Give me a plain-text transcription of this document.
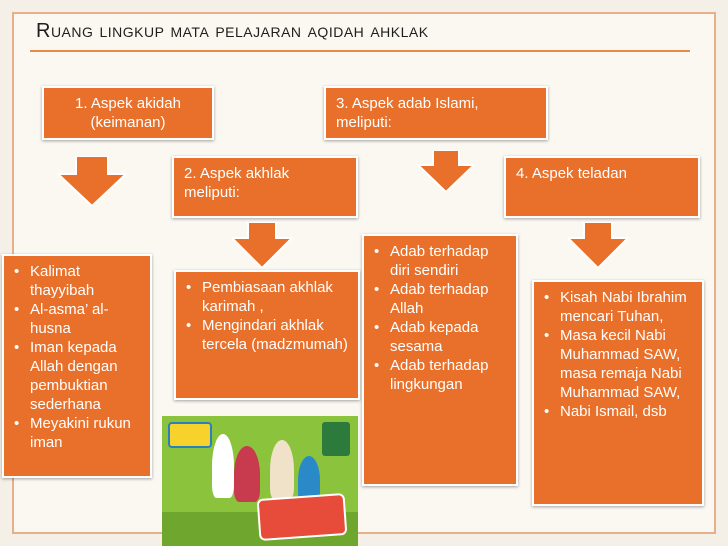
Ruang lingkup mata pelajaran aqidah ahklak
1. Aspek akidah (keimanan)
3. Aspek adab Islami, meliputi:
2. Aspek akhlak meliputi:
4. Aspek teladan
• Kalimat thayyibah
• Al-asma’ al-husna
• Iman kepada Allah dengan pembuktian sederhana
• Meyakini rukun iman
• Pembiasaan akhlak karimah ,
• Mengindari akhlak tercela (madzmumah)
• Adab terhadap diri sendiri
• Adab terhadap Allah
• Adab kepada sesama
• Adab terhadap lingkungan
• Kisah Nabi Ibrahim mencari Tuhan,
• Masa kecil Nabi Muhammad SAW, masa remaja Nabi Muhammad SAW,
• Nabi Ismail, dsb
